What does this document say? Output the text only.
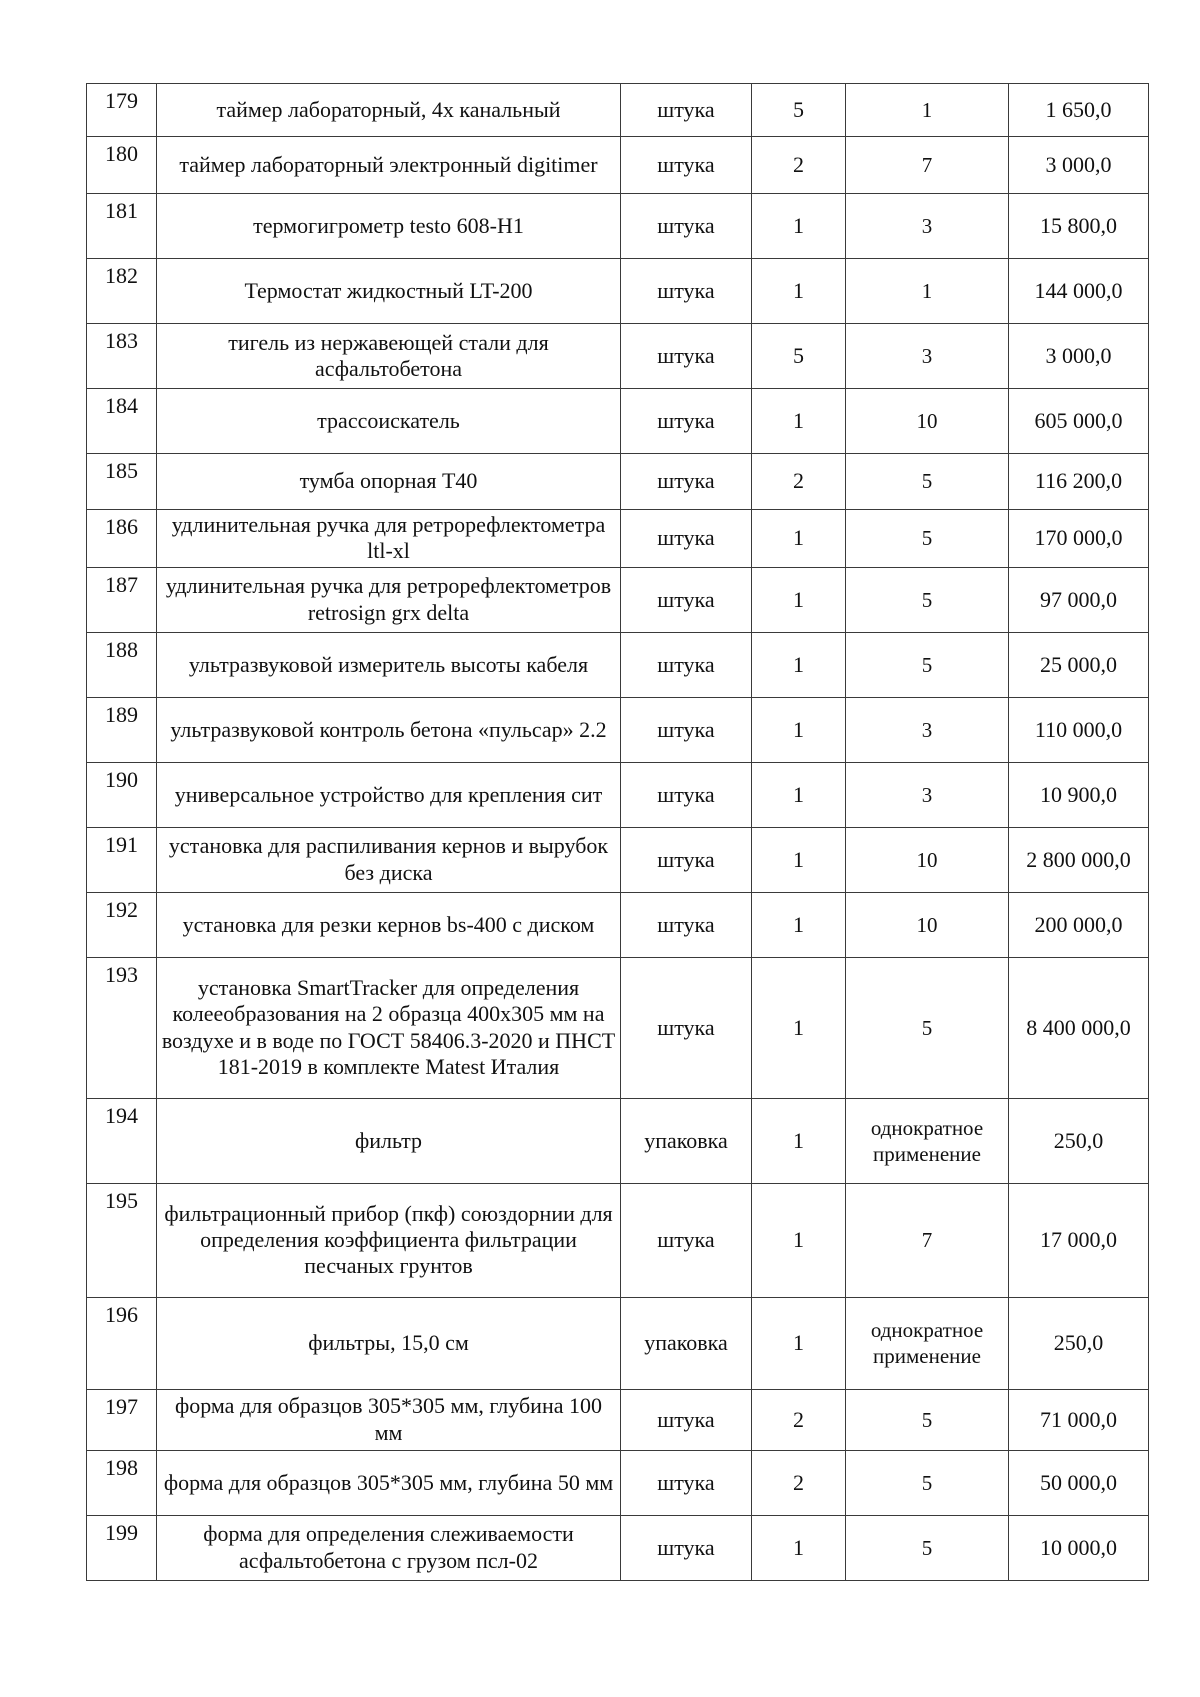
179	таймер лабораторный, 4х канальный	штука	5	1	1 650,0
180	таймер лабораторный электронный digitimer	штука	2	7	3 000,0
181	термогигрометр testo 608-H1	штука	1	3	15 800,0
182	Термостат жидкостный LT-200	штука	1	1	144 000,0
183	тигель из нержавеющей стали для асфальтобетона	штука	5	3	3 000,0
184	трассоискатель	штука	1	10	605 000,0
185	тумба опорная Т40	штука	2	5	116 200,0
186	удлинительная ручка для ретрорефлектометра ltl-xl	штука	1	5	170 000,0
187	удлинительная ручка для ретрорефлектометров retrosign grx delta	штука	1	5	97 000,0
188	ультразвуковой измеритель высоты кабеля	штука	1	5	25 000,0
189	ультразвуковой контроль бетона «пульсар» 2.2	штука	1	3	110 000,0
190	универсальное устройство для крепления сит	штука	1	3	10 900,0
191	установка для распиливания кернов и вырубок без диска	штука	1	10	2 800 000,0
192	установка для резки кернов bs-400 с диском	штука	1	10	200 000,0
193	установка SmartTracker для определения колееобразования на 2 образца 400х305 мм на воздухе и в воде по ГОСТ 58406.3-2020 и ПНСТ 181-2019 в комплекте Matest Италия	штука	1	5	8 400 000,0
194	фильтр	упаковка	1	однократное применение	250,0
195	фильтрационный прибор (пкф) союздорнии для определения коэффициента фильтрации песчаных грунтов	штука	1	7	17 000,0
196	фильтры, 15,0 см	упаковка	1	однократное применение	250,0
197	форма для образцов 305*305 мм, глубина 100 мм	штука	2	5	71 000,0
198	форма для образцов 305*305 мм, глубина 50 мм	штука	2	5	50 000,0
199	форма для определения слеживаемости асфальтобетона с грузом псл-02	штука	1	5	10 000,0
